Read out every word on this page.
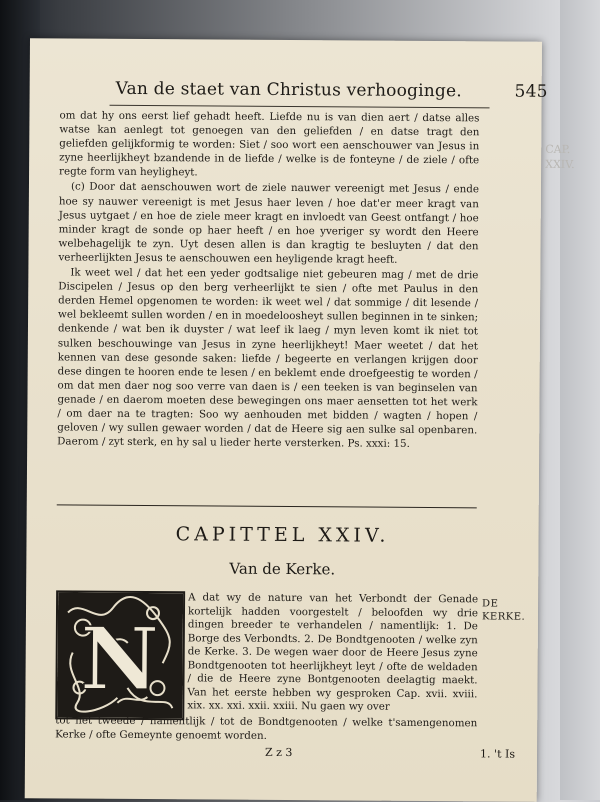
CAP. XXIV.
Van de staet van Christus verhooginge.	545

om dat hy ons eerst lief gehadt heeft. Liefde nu is van dien aert / datse alles watse kan aenlegt tot genoegen van den geliefden / en datse tragt den geliefden gelijkformig te worden: Siet / soo wort een aenschouwer van Jesus in zyne heerlijkheyt bzandende in de liefde / welke is de fonteyne / de ziele / ofte regte form van heyligheyt.

(c) Door dat aenschouwen wort de ziele nauwer vereenigt met Jesus / ende hoe sy nauwer vereenigt is met Jesus haer leven / hoe dat'er meer kragt van Jesus uytgaet / en hoe de ziele meer kragt en invloedt van Geest ontfangt / hoe minder kragt de sonde op haer heeft / en hoe yveriger sy wordt den Heere welbehagelijk te zyn. Uyt desen allen is dan kragtig te besluyten / dat den verheerlijkten Jesus te aenschouwen een heyligende kragt heeft.

Ik weet wel / dat het een yeder godtsalige niet gebeuren mag / met de drie Discipelen / Jesus op den berg verheerlijkt te sien / ofte met Paulus in den derden Hemel opgenomen te worden: ik weet wel / dat sommige / dit lesende / wel bekleemt sullen worden / en in moedeloosheyt sullen beginnen in te sinken; denkende / wat ben ik duyster / wat leef ik laeg / myn leven komt ik niet tot sulken beschouwinge van Jesus in zyne heerlijkheyt! Maer weetet / dat het kennen van dese gesonde saken: liefde / begeerte en verlangen krijgen door dese dingen te hooren ende te lesen / en beklemt ende droefgeestig te worden / om dat men daer nog soo verre van daen is / een teeken is van beginselen van genade / en daerom moeten dese bewegingen ons maer aensetten tot het werk / om daer na te tragten: Soo wy aenhouden met bidden / wagten / hopen / geloven / wy sullen gewaer worden / dat de Heere sig aen sulke sal openbaren. Daerom / zyt sterk, en hy sal u lieder herte versterken. Ps. xxxi: 15.

CAPITTEL XXIV.
Van de Kerke.
N

A dat wy de nature van het Verbondt der Genade kortelijk hadden voorgestelt / beloofden wy drie dingen breeder te verhandelen / namentlijk: 1. De Borge des Verbondts. 2. De Bondtgenooten / welke zyn de Kerke. 3. De wegen waer door de Heere Jesus zyne Bondtgenooten tot heerlijkheyt leyt / ofte de weldaden / die de Heere zyne Bontgenooten deelagtig maekt. Van het eerste hebben wy gesproken Cap. xvii. xviii. xix. xx. xxi. xxii. xxiii. Nu gaen wy over

tot het tweede / namentlijk / tot de Bondtgenooten / welke t'samengenomen Kerke / ofte Gemeynte genoemt worden.

DE KERKE.
Z z 3	1. 't Is
